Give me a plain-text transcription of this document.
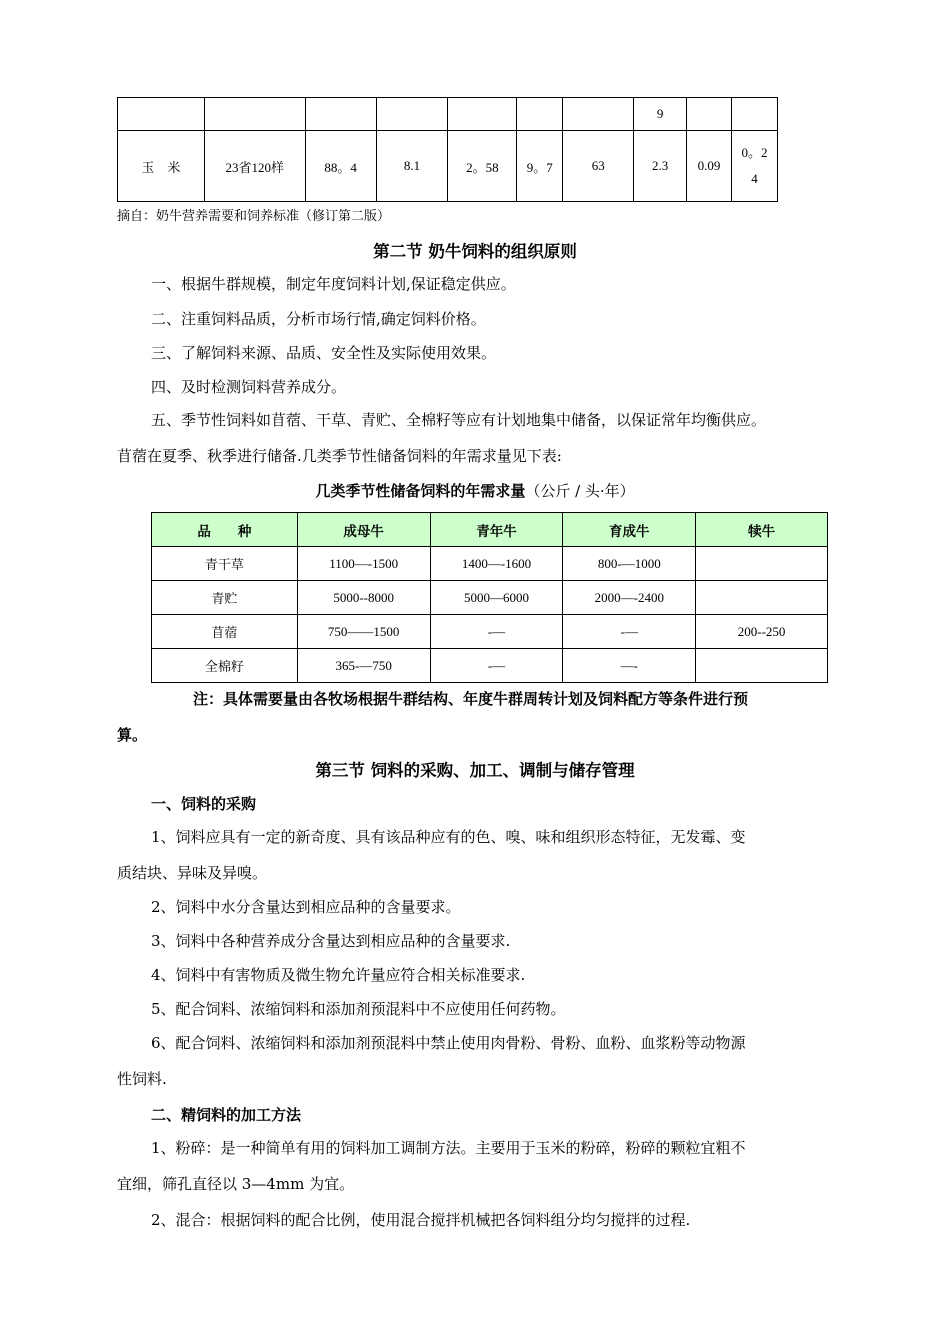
							9		
玉　米	23省120样	88。4	8.1	2。58	9。7	63	2.3	0.09	0。2
4
摘自：奶牛营养需要和饲养标准（修订第二版）
第二节 奶牛饲料的组织原则
一、根据牛群规模，制定年度饲料计划,保证稳定供应。
二、注重饲料品质，分析市场行情,确定饲料价格。
三、了解饲料来源、品质、安全性及实际使用效果。
四、及时检测饲料营养成分。
五、季节性饲料如苜蓿、干草、青贮、全棉籽等应有计划地集中储备，以保证常年均衡供应。
苜蓿在夏季、秋季进行储备.几类季节性储备饲料的年需求量见下表:
几类季节性储备饲料的年需求量（公斤 / 头·年）
品　　种	成母牛	青年牛	育成牛	犊牛
青干草	1100—-1500	1400—-1600	800-—1000	
青贮	5000--8000	5000—6000	2000—-2400	
苜蓿	750——1500	-—	-—	200--250
全棉籽	365-—750	-—	—-	
注：具体需要量由各牧场根据牛群结构、年度牛群周转计划及饲料配方等条件进行预
算。
第三节 饲料的采购、加工、调制与储存管理
一、饲料的采购
1、饲料应具有一定的新奇度、具有该品种应有的色、嗅、味和组织形态特征，无发霉、变
质结块、异味及异嗅。
2、饲料中水分含量达到相应品种的含量要求。
3、饲料中各种营养成分含量达到相应品种的含量要求.
4、饲料中有害物质及微生物允许量应符合相关标准要求.
5、配合饲料、浓缩饲料和添加剂预混料中不应使用任何药物。
6、配合饲料、浓缩饲料和添加剂预混料中禁止使用肉骨粉、骨粉、血粉、血浆粉等动物源
性饲料.
二、精饲料的加工方法
1、粉碎：是一种简单有用的饲料加工调制方法。主要用于玉米的粉碎，粉碎的颗粒宜粗不
宜细，筛孔直径以 3—4mm 为宜。
2、混合：根据饲料的配合比例，使用混合搅拌机械把各饲料组分均匀搅拌的过程.
